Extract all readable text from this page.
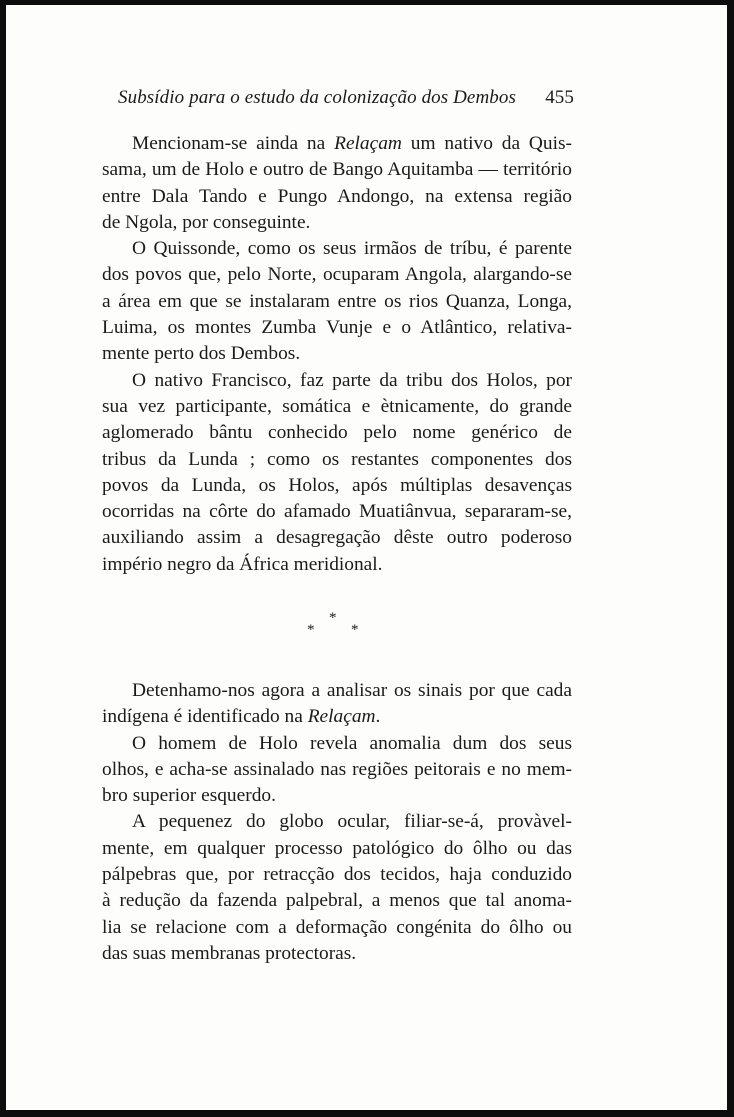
Subsídio para o estudo da colonização dos Dembos 455

Mencionam-se ainda na Relaçam um nativo da Quis-

sama, um de Holo e outro de Bango Aquitamba — território

entre Dala Tando e Pungo Andongo, na extensa região

de Ngola, por conseguinte.

O Quissonde, como os seus irmãos de tríbu, é parente

dos povos que, pelo Norte, ocuparam Angola, alargando-se

a área em que se instalaram entre os rios Quanza, Longa,

Luima, os montes Zumba Vunje e o Atlântico, relativa-

mente perto dos Dembos.

O nativo Francisco, faz parte da tribu dos Holos, por

sua vez participante, somática e ètnicamente, do grande

aglomerado bântu conhecido pelo nome genérico de

tribus da Lunda ; como os restantes componentes dos

povos da Lunda, os Holos, após múltiplas desavenças

ocorridas na côrte do afamado Muatiânvua, separaram-se,

auxiliando assim a desagregação dêste outro poderoso

império negro da África meridional.

*
* *

Detenhamo-nos agora a analisar os sinais por que cada

indígena é identificado na Relaçam.

O homem de Holo revela anomalia dum dos seus

olhos, e acha-se assinalado nas regiões peitorais e no mem-

bro superior esquerdo.

A pequenez do globo ocular, filiar-se-á, provàvel-

mente, em qualquer processo patológico do ôlho ou das

pálpebras que, por retracção dos tecidos, haja conduzido

à redução da fazenda palpebral, a menos que tal anoma-

lia se relacione com a deformação congénita do ôlho ou

das suas membranas protectoras.
